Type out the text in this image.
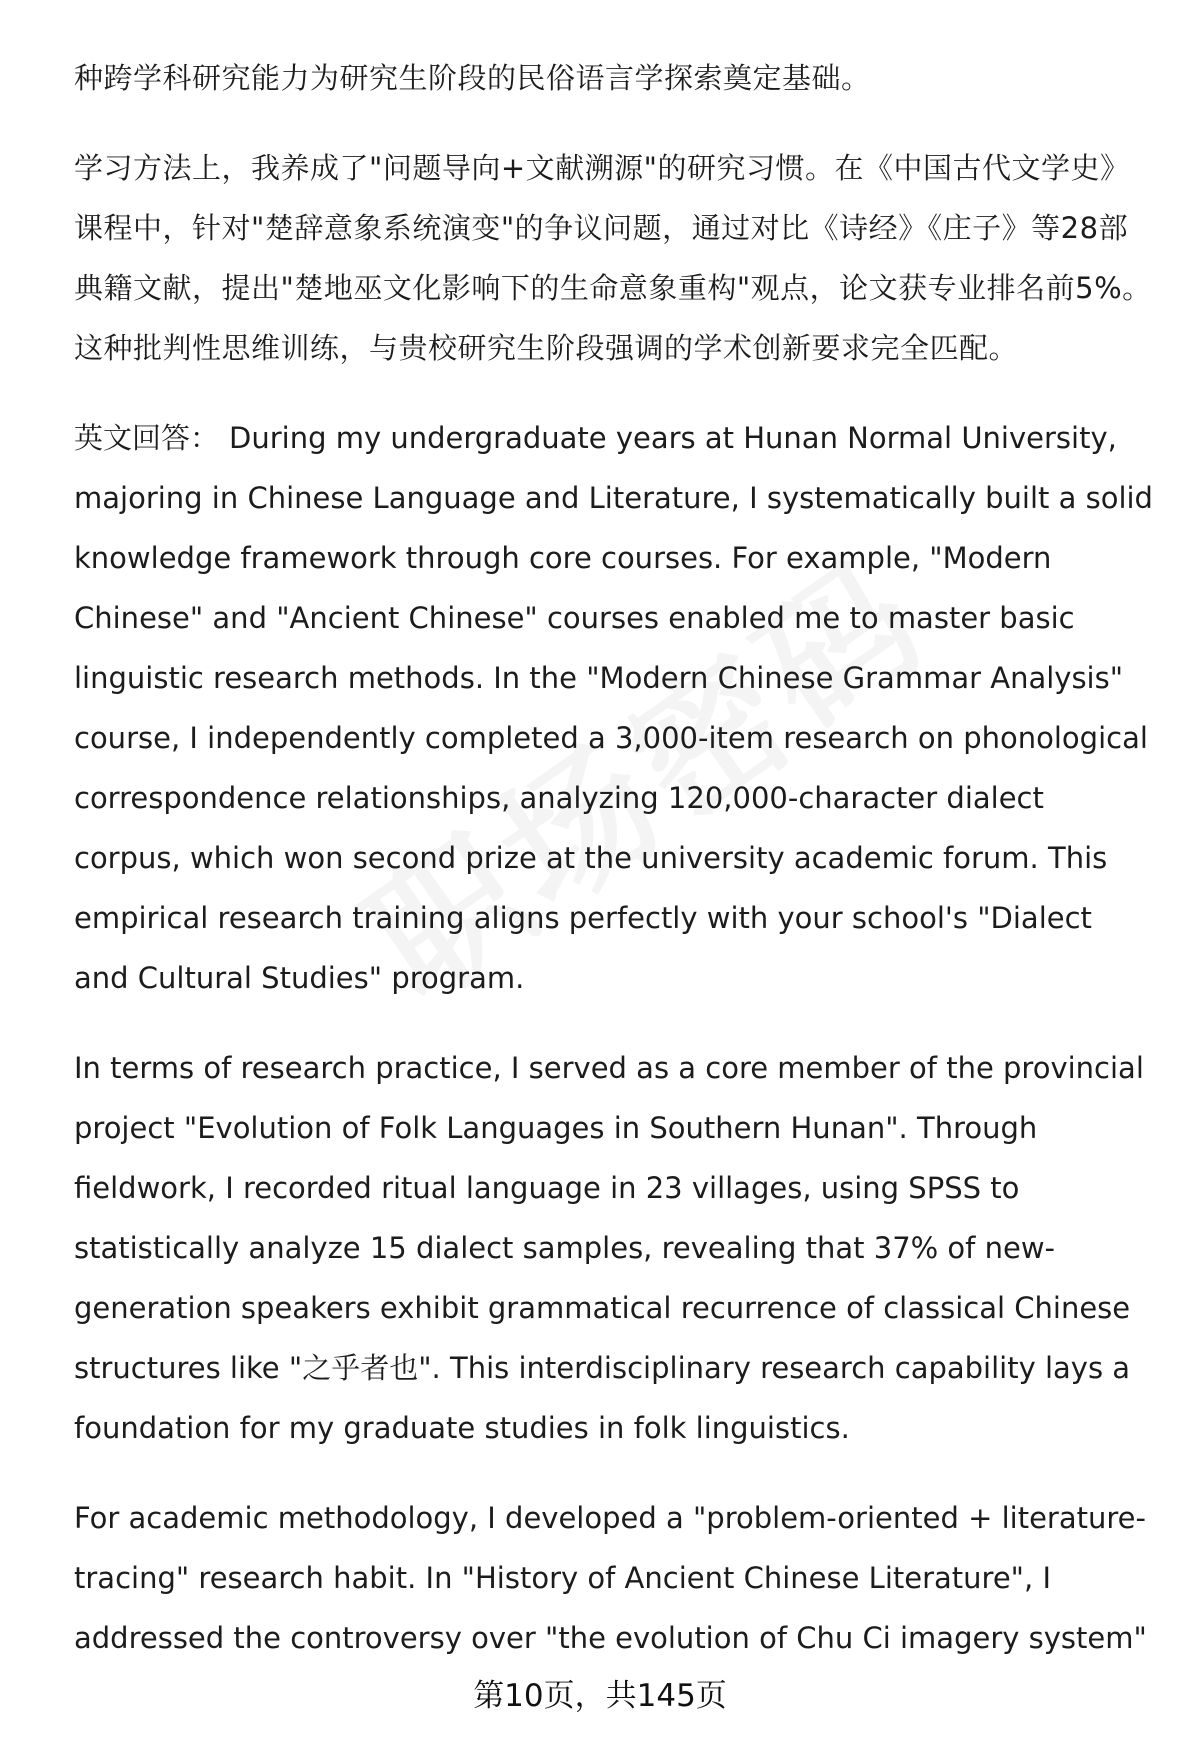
种跨学科研究能力为研究生阶段的民俗语言学探索奠定基础。

学习方法上，我养成了"问题导向+文献溯源"的研究习惯。在《中国古代文学史》课程中，针对"楚辞意象系统演变"的争议问题，通过对比《诗经》《庄子》等28部典籍文献，提出"楚地巫文化影响下的生命意象重构"观点，论文获专业排名前5%。这种批判性思维训练，与贵校研究生阶段强调的学术创新要求完全匹配。

英文回答： During my undergraduate years at Hunan Normal University, majoring in Chinese Language and Literature, I systematically built a solid knowledge framework through core courses. For example, "Modern Chinese" and "Ancient Chinese" courses enabled me to master basic linguistic research methods. In the "Modern Chinese Grammar Analysis" course, I independently completed a 3,000-item research on phonological correspondence relationships, analyzing 120,000-character dialect corpus, which won second prize at the university academic forum. This empirical research training aligns perfectly with your school's "Dialect and Cultural Studies" program.

In terms of research practice, I served as a core member of the provincial project "Evolution of Folk Languages in Southern Hunan". Through fieldwork, I recorded ritual language in 23 villages, using SPSS to statistically analyze 15 dialect samples, revealing that 37% of new-generation speakers exhibit grammatical recurrence of classical Chinese structures like "之乎者也". This interdisciplinary research capability lays a foundation for my graduate studies in folk linguistics.

For academic methodology, I developed a "problem-oriented + literature-tracing" research habit. In "History of Ancient Chinese Literature", I addressed the controversy over "the evolution of Chu Ci imagery system"

第10页，共145页
